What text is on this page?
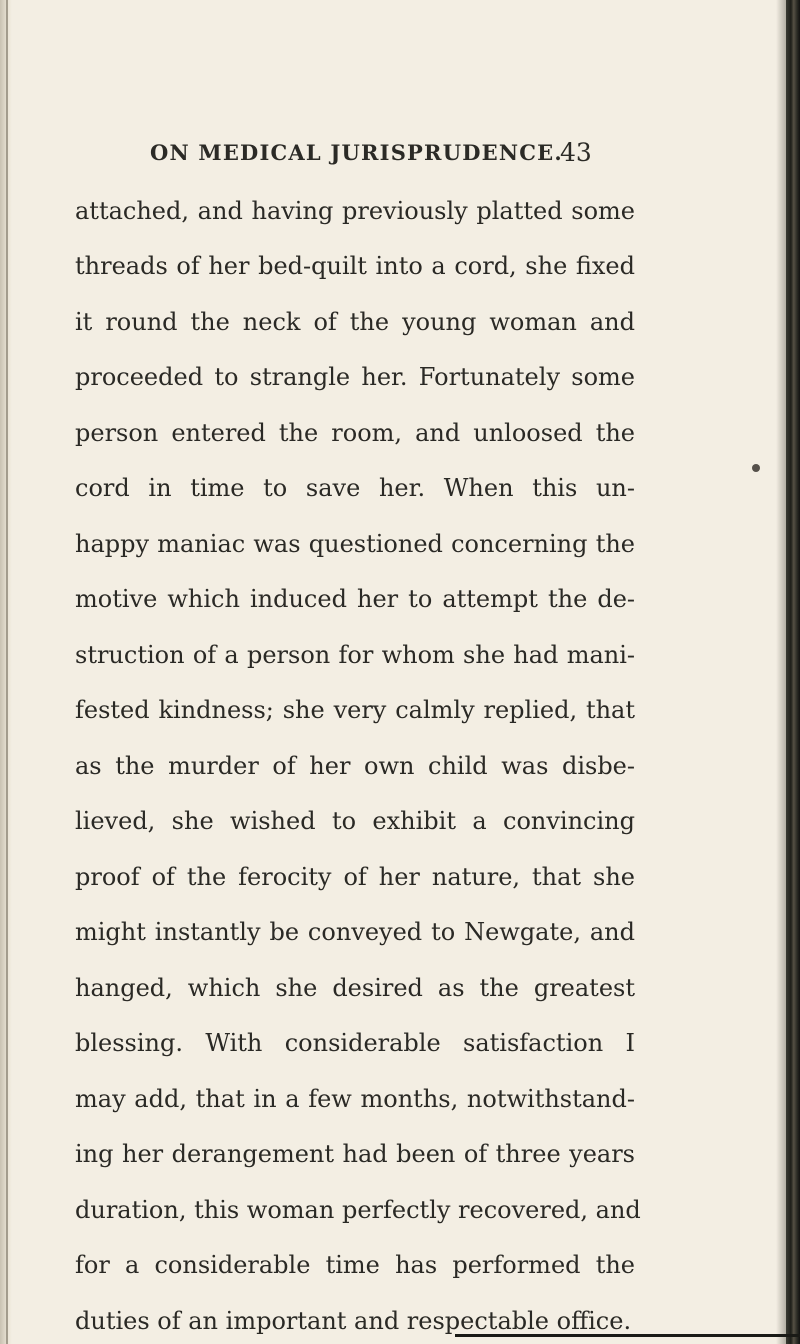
ON MEDICAL JURISPRUDENCE.
43
attached, and having previously platted some
threads of her bed-quilt into a cord, she fixed
it round the neck of the young woman and
proceeded to strangle her. Fortunately some
person entered the room, and unloosed the
cord in time to save her. When this un-
happy maniac was questioned concerning the
motive which induced her to attempt the de-
struction of a person for whom she had mani-
fested kindness; she very calmly replied, that
as the murder of her own child was disbe-
lieved, she wished to exhibit a convincing
proof of the ferocity of her nature, that she
might instantly be conveyed to Newgate, and
hanged, which she desired as the greatest
blessing. With considerable satisfaction I
may add, that in a few months, notwithstand-
ing her derangement had been of three years
duration, this woman perfectly recovered, and
for a considerable time has performed the
duties of an important and respectable office.
